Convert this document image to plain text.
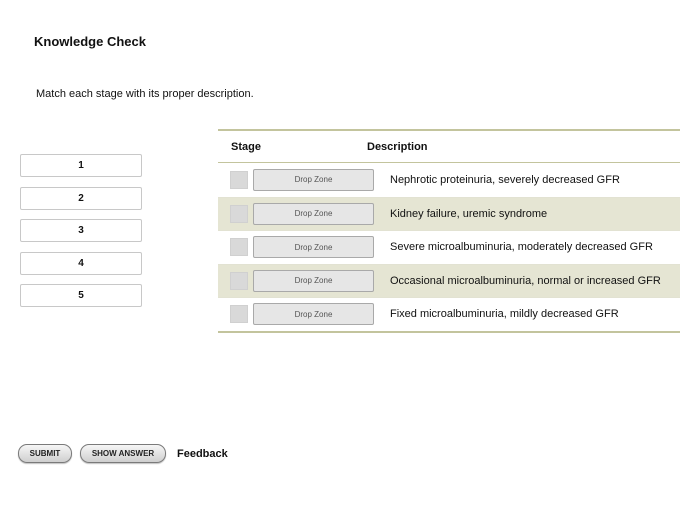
Knowledge Check
Match each stage with its proper description.
1
2
3
4
5
Stage	Description
Drop Zone	Nephrotic proteinuria, severely decreased GFR
Drop Zone	Kidney failure, uremic syndrome
Drop Zone	Severe microalbuminuria, moderately decreased GFR
Drop Zone	Occasional microalbuminuria, normal or increased GFR
Drop Zone	Fixed microalbuminuria, mildly decreased GFR
SUBMIT	SHOW ANSWER	Feedback
